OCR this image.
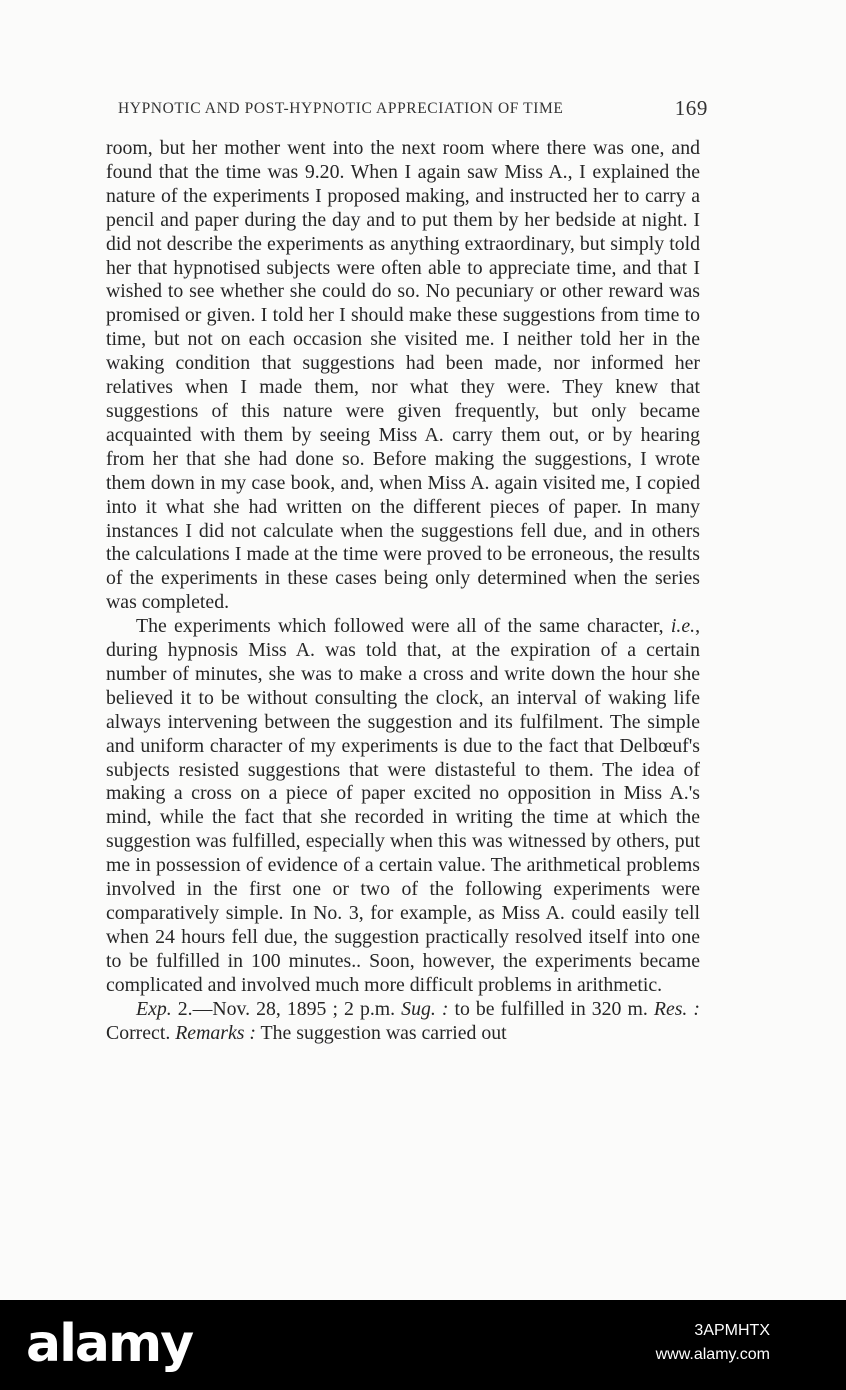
HYPNOTIC AND POST-HYPNOTIC APPRECIATION OF TIME	169

room, but her mother went into the next room where there was one, and found that the time was 9.20. When I again saw Miss A., I explained the nature of the experiments I proposed making, and instructed her to carry a pencil and paper during the day and to put them by her bedside at night. I did not describe the experiments as anything extraordinary, but simply told her that hypnotised subjects were often able to appreciate time, and that I wished to see whether she could do so. No pecuniary or other reward was promised or given. I told her I should make these suggestions from time to time, but not on each occasion she visited me. I neither told her in the waking condition that suggestions had been made, nor informed her relatives when I made them, nor what they were. They knew that suggestions of this nature were given frequently, but only became acquainted with them by seeing Miss A. carry them out, or by hearing from her that she had done so. Before making the suggestions, I wrote them down in my case book, and, when Miss A. again visited me, I copied into it what she had written on the different pieces of paper. In many instances I did not calculate when the suggestions fell due, and in others the calculations I made at the time were proved to be erroneous, the results of the experiments in these cases being only determined when the series was completed.

The experiments which followed were all of the same character, i.e., during hypnosis Miss A. was told that, at the expiration of a certain number of minutes, she was to make a cross and write down the hour she believed it to be without consulting the clock, an interval of waking life always intervening between the suggestion and its fulfilment. The simple and uniform character of my experiments is due to the fact that Delbœuf's subjects resisted suggestions that were distasteful to them. The idea of making a cross on a piece of paper excited no opposition in Miss A.'s mind, while the fact that she recorded in writing the time at which the suggestion was fulfilled, especially when this was witnessed by others, put me in possession of evidence of a certain value. The arithmetical problems involved in the first one or two of the following experiments were comparatively simple. In No. 3, for example, as Miss A. could easily tell when 24 hours fell due, the suggestion practically resolved itself into one to be fulfilled in 100 minutes.. Soon, however, the experiments became complicated and involved much more difficult problems in arithmetic.

Exp. 2.—Nov. 28, 1895 ; 2 p.m. Sug. : to be fulfilled in 320 m. Res. : Correct. Remarks : The suggestion was carried out

alamy	3APMHTX
www.alamy.com
